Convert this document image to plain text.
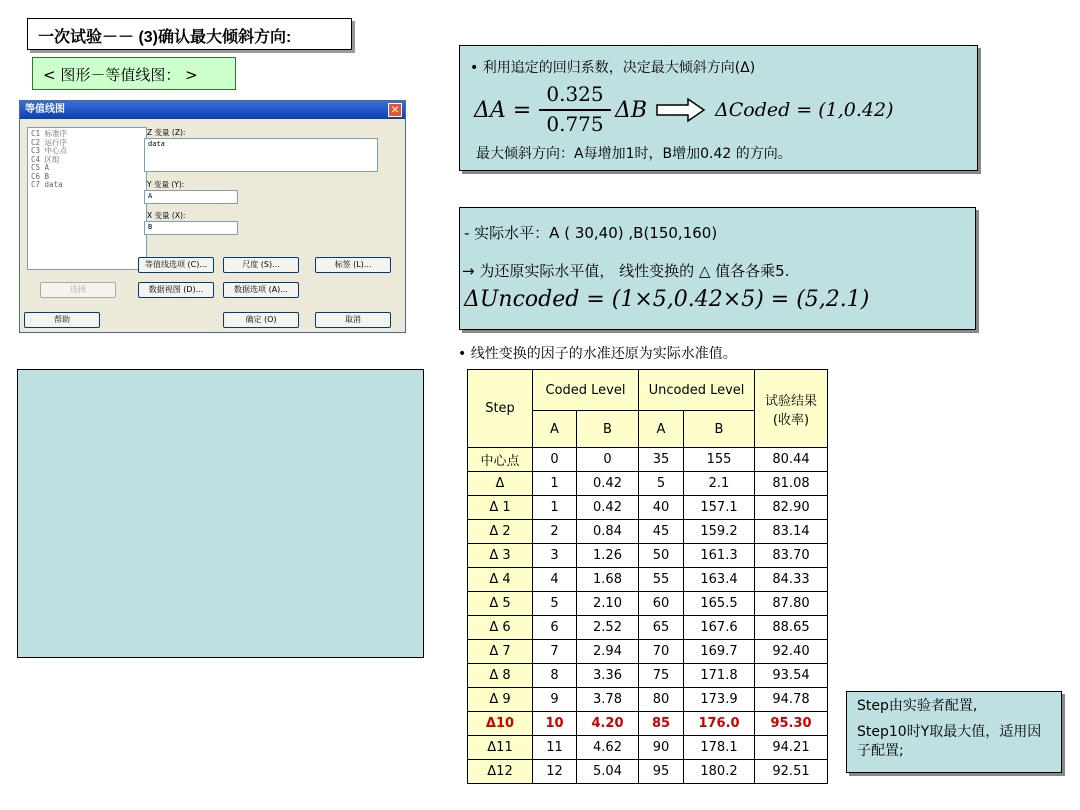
一次试验－－ (3)确认最大倾斜方向:
< 图形－等值线图： >
等值线图	✕
C1 标准序
C2 运行序
C3 中心点
C4 区组
C5 A
C6 B
C7 data
Z 变量 (Z):
data
Y 变量 (Y):
A
X 变量 (X):
B
等值线选项 (C)...	尺度 (S)...	标签 (L)...
选择	数据视图 (D)...	数据选项 (A)...
帮助	确定 (O)	取消
• 利用追定的回归系数，决定最大倾斜方向(Δ)
ΔA =
0.325
0.775
ΔB	ΔCoded = (1,0.42)
最大倾斜方向：A每增加1时，B增加0.42 的方向。
- 实际水平：A ( 30,40) ,B(150,160)
→ 为还原实际水平值， 线性变换的 △ 值各各乘5.
ΔUncoded = (1×5,0.42×5) = (5,2.1)
• 线性变换的因子的水准还原为实际水准值。
Step	Coded Level		Uncoded Level		试验结果
(收率)

	A	B	A	B	
中心点	0	0	35	155	80.44
Δ	1	0.42	5	2.1	81.08
Δ 1	1	0.42	40	157.1	82.90
Δ 2	2	0.84	45	159.2	83.14
Δ 3	3	1.26	50	161.3	83.70
Δ 4	4	1.68	55	163.4	84.33
Δ 5	5	2.10	60	165.5	87.80
Δ 6	6	2.52	65	167.6	88.65
Δ 7	7	2.94	70	169.7	92.40
Δ 8	8	3.36	75	171.8	93.54
Δ 9	9	3.78	80	173.9	94.78
Δ10	10	4.20	85	176.0	95.30
Δ11	11	4.62	90	178.1	94.21
Δ12	12	5.04	95	180.2	92.51
Step由实验者配置,
Step10时Y取最大值，适用因子配置;
